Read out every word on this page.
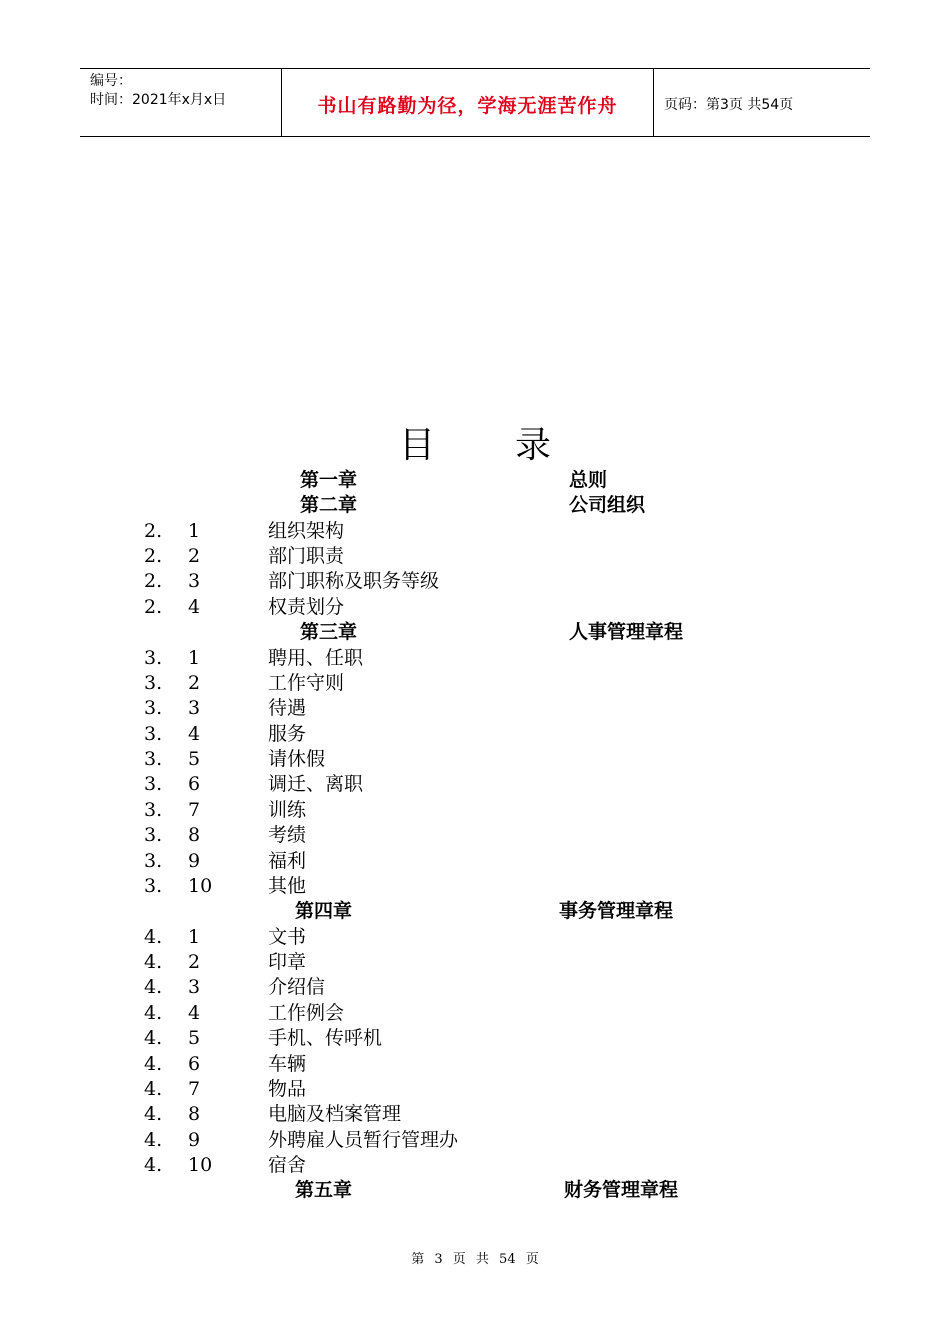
编号：
时间：2021年x月x日	书山有路勤为径，学海无涯苦作舟	页码：第3页 共54页
目 录
第一章	总则
第二章	公司组织
2. 1	组织架构
2. 2	部门职责
2. 3	部门职称及职务等级
2. 4	权责划分
第三章	人事管理章程
3. 1	聘用、任职
3. 2	工作守则
3. 3	待遇
3. 4	服务
3. 5	请休假
3. 6	调迁、离职
3. 7	训练
3. 8	考绩
3. 9	福利
3. 10	其他
第四章	事务管理章程
4. 1	文书
4. 2	印章
4. 3	介绍信
4. 4	工作例会
4. 5	手机、传呼机
4. 6	车辆
4. 7	物品
4. 8	电脑及档案管理
4. 9	外聘雇人员暂行管理办
4. 10	宿舍
第五章	财务管理章程
第 3 页 共 54 页
